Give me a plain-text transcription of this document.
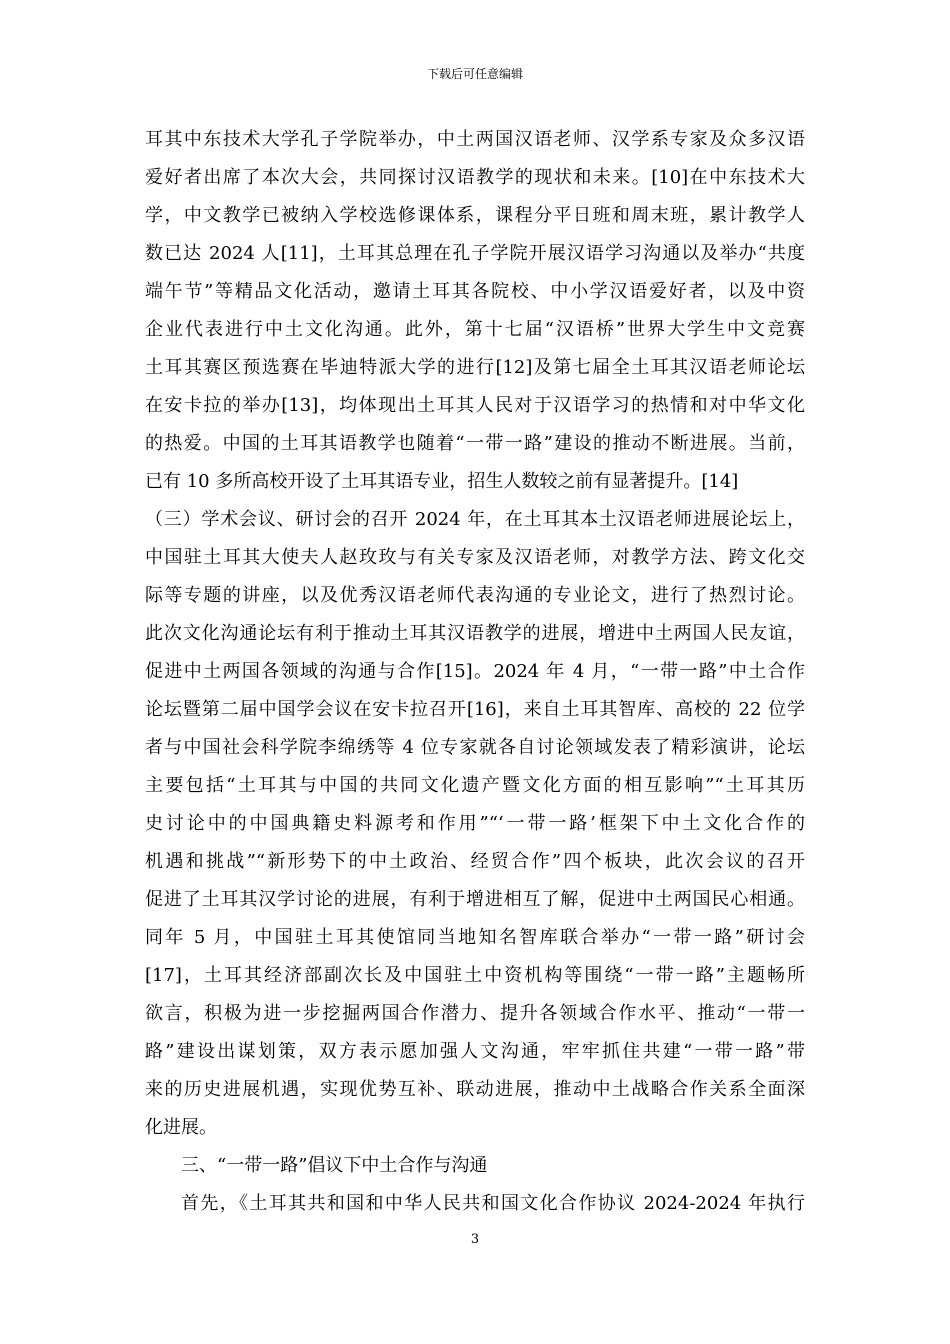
下载后可任意编辑
耳其中东技术大学孔子学院举办，中土两国汉语老师、汉学系专家及众多汉语
爱好者出席了本次大会，共同探讨汉语教学的现状和未来。[10]在中东技术大
学，中文教学已被纳入学校选修课体系，课程分平日班和周末班，累计教学人
数已达 2024 人[11]，土耳其总理在孔子学院开展汉语学习沟通以及举办“共度
端午节”等精品文化活动，邀请土耳其各院校、中小学汉语爱好者，以及中资
企业代表进行中土文化沟通。此外，第十七届“汉语桥”世界大学生中文竞赛
土耳其赛区预选赛在毕迪特派大学的进行[12]及第七届全土耳其汉语老师论坛
在安卡拉的举办[13]，均体现出土耳其人民对于汉语学习的热情和对中华文化
的热爱。中国的土耳其语教学也随着“一带一路”建设的推动不断进展。当前，
已有 10 多所高校开设了土耳其语专业，招生人数较之前有显著提升。[14]
（三）学术会议、研讨会的召开 2024 年，在土耳其本土汉语老师进展论坛上，
中国驻土耳其大使夫人赵玫玫与有关专家及汉语老师，对教学方法、跨文化交
际等专题的讲座，以及优秀汉语老师代表沟通的专业论文，进行了热烈讨论。
此次文化沟通论坛有利于推动土耳其汉语教学的进展，增进中土两国人民友谊，
促进中土两国各领域的沟通与合作[15]。2024 年 4 月，“一带一路”中土合作
论坛暨第二届中国学会议在安卡拉召开[16]，来自土耳其智库、高校的 22 位学
者与中国社会科学院李绵绣等 4 位专家就各自讨论领域发表了精彩演讲，论坛
主要包括“土耳其与中国的共同文化遗产暨文化方面的相互影响”“土耳其历
史讨论中的中国典籍史料源考和作用”“‘一带一路’框架下中土文化合作的
机遇和挑战”“新形势下的中土政治、经贸合作”四个板块，此次会议的召开
促进了土耳其汉学讨论的进展，有利于增进相互了解，促进中土两国民心相通。
同年 5 月，中国驻土耳其使馆同当地知名智库联合举办“一带一路”研讨会
[17]，土耳其经济部副次长及中国驻土中资机构等围绕“一带一路”主题畅所
欲言，积极为进一步挖掘两国合作潜力、提升各领域合作水平、推动“一带一
路”建设出谋划策，双方表示愿加强人文沟通，牢牢抓住共建“一带一路”带
来的历史进展机遇，实现优势互补、联动进展，推动中土战略合作关系全面深
化进展。
三、“一带一路”倡议下中土合作与沟通
首先，《土耳其共和国和中华人民共和国文化合作协议 2024-2024 年执行
3
